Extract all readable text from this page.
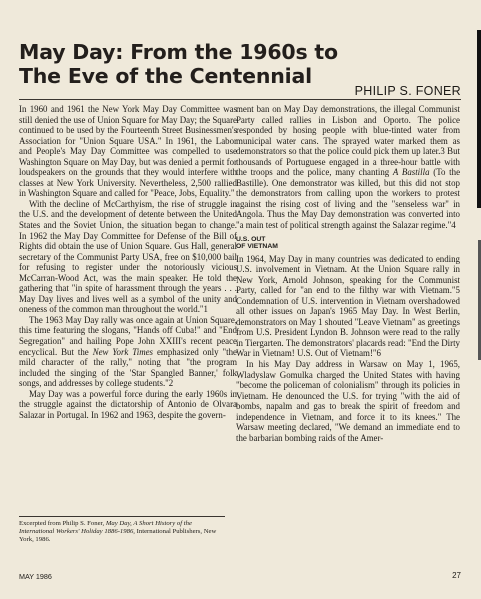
May Day: From the 1960s to
The Eve of the Centennial
PHILIP S. FONER

In 1960 and 1961 the New York May Day Committee was still denied the use of Union Square for May Day; the Square continued to be used by the Fourteenth Street Businessmen's Association for "Union Square USA." In 1961, the Labor and People's May Day Committee was compelled to use Washington Square on May Day, but was denied a permit for loudspeakers on the grounds that they would interfere with classes at New York University. Nevertheless, 2,500 rallied in Washington Square and called for "Peace, Jobs, Equality."

With the decline of McCarthyism, the rise of struggle in the U.S. and the development of detente between the United States and the Soviet Union, the situation began to change. In 1962 the May Day Committee for Defense of the Bill of Rights did obtain the use of Union Square. Gus Hall, general secretary of the Communist Party USA, free on $10,000 bail for refusing to register under the notoriously vicious McCarran-Wood Act, was the main speaker. He told the gathering that "in spite of harassment through the years . . . May Day lives and lives well as a symbol of the unity and oneness of the common man throughout the world."1

The 1963 May Day rally was once again at Union Square, this time featuring the slogans, "Hands off Cuba!" and "End Segregation" and hailing Pope John XXIII's recent peace encyclical. But the New York Times emphasized only "the mild character of the rally," noting that "the program included the singing of the 'Star Spangled Banner,' folk songs, and addresses by college students."2

May Day was a powerful force during the early 1960s in the struggle against the dictatorship of Antonio de Olvara Salazar in Portugal. In 1962 and 1963, despite the govern-

Excerpted from Philip S. Foner, May Day, A Short History of the International Workers' Holiday 1886-1986, International Publishers, New York, 1986.

ment ban on May Day demonstrations, the illegal Communist Party called rallies in Lisbon and Oporto. The police responded by hosing people with blue-tinted water from municipal water cans. The sprayed water marked them as demonstrators so that the police could pick them up later.3 But thousands of Portuguese engaged in a three-hour battle with the troops and the police, many chanting A Bastilla (To the Bastille). One demonstrator was killed, but this did not stop the demonstrators from calling upon the workers to protest against the rising cost of living and the "senseless war" in Angola. Thus the May Day demonstration was converted into "a main test of political strength against the Salazar regime."4

U.S. OUT
OF VIETNAM

In 1964, May Day in many countries was dedicated to ending U.S. involvement in Vietnam. At the Union Square rally in New York, Arnold Johnson, speaking for the Communist Party, called for "an end to the filthy war with Vietnam."5 Condemnation of U.S. intervention in Vietnam overshadowed all other issues on Japan's 1965 May Day. In West Berlin, demonstrators on May 1 shouted "Leave Vietnam" as greetings from U.S. President Lyndon B. Johnson were read to the rally in Tiergarten. The demonstrators' placards read: "End the Dirty War in Vietnam! U.S. Out of Vietnam!"6

In his May Day address in Warsaw on May 1, 1965, Wladyslaw Gomulka charged the United States with having "become the policeman of colonialism" through its policies in Vietnam. He denounced the U.S. for trying "with the aid of bombs, napalm and gas to break the spirit of freedom and independence in Vietnam, and force it to its knees." The Warsaw meeting declared, "We demand an immediate end to the barbarian bombing raids of the Amer-

MAY 1986	27
